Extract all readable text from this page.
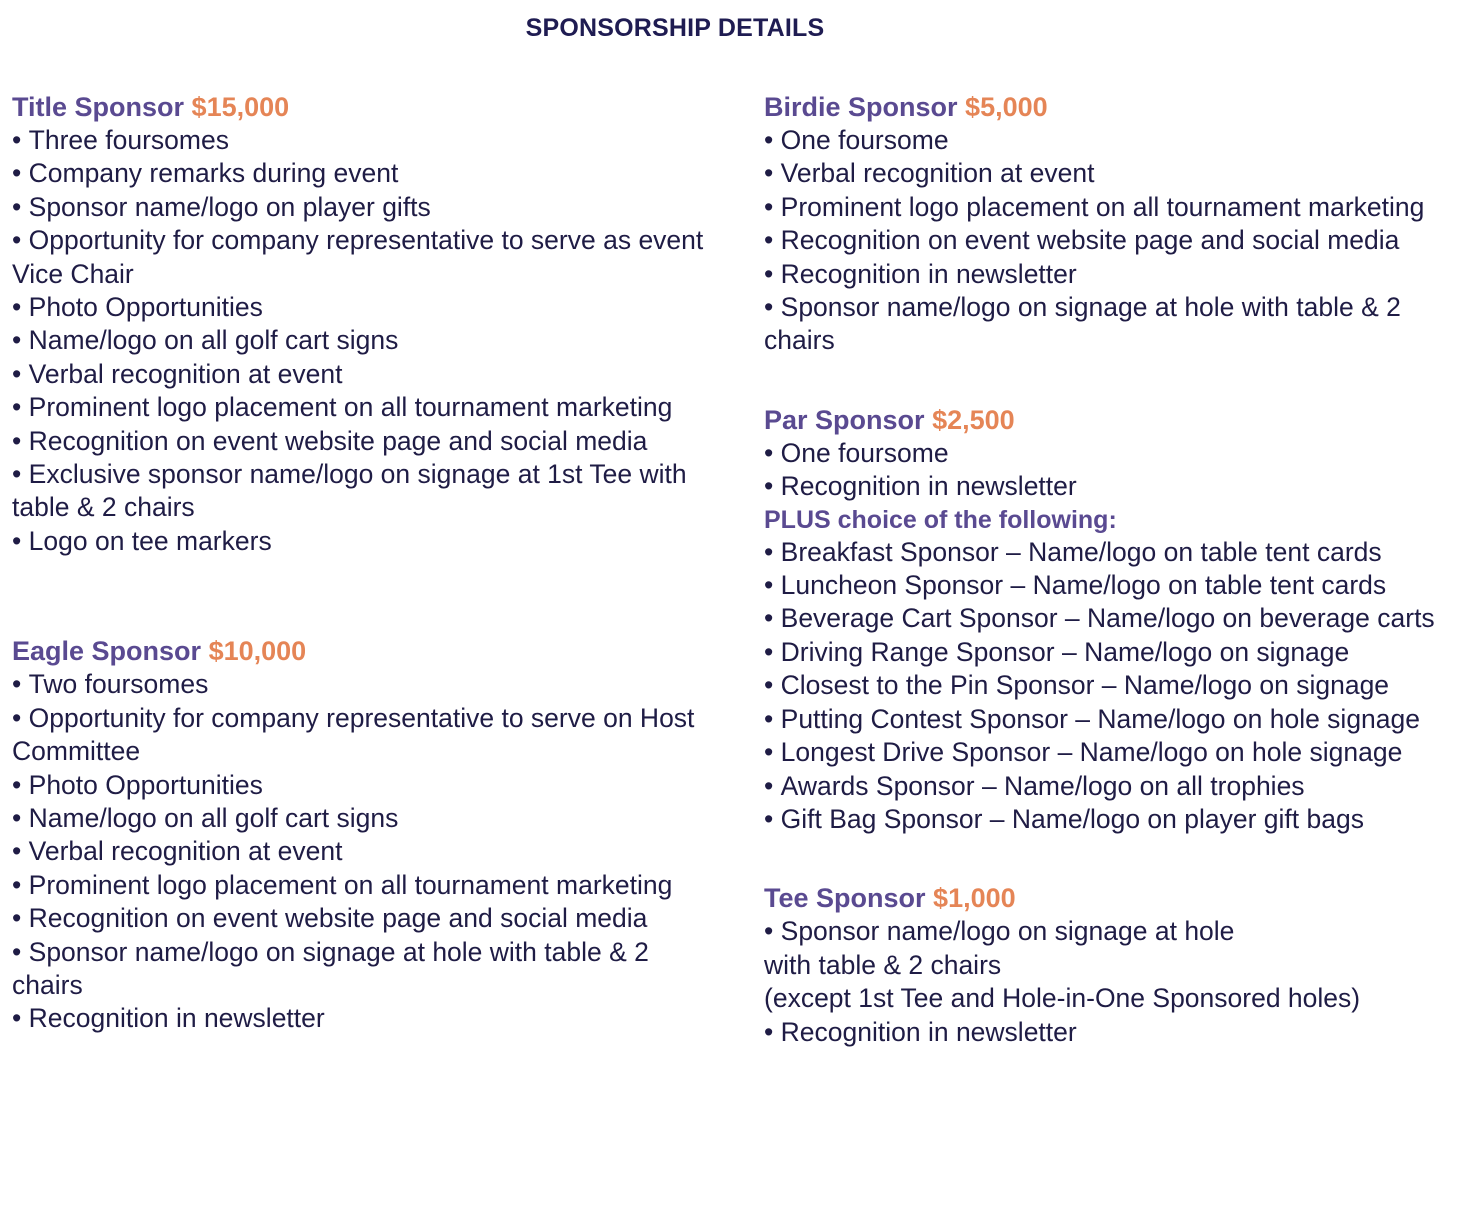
SPONSORSHIP DETAILS
Title Sponsor $15,000
• Three foursomes
• Company remarks during event
• Sponsor name/logo on player gifts
• Opportunity for company representative to serve as event Vice Chair
• Photo Opportunities
• Name/logo on all golf cart signs
• Verbal recognition at event
• Prominent logo placement on all tournament marketing
• Recognition on event website page and social media
• Exclusive sponsor name/logo on signage at 1st Tee with table & 2 chairs
• Logo on tee markers
Eagle Sponsor $10,000
• Two foursomes
• Opportunity for company representative to serve on Host Committee
• Photo Opportunities
• Name/logo on all golf cart signs
• Verbal recognition at event
• Prominent logo placement on all tournament marketing
• Recognition on event website page and social media
• Sponsor name/logo on signage at hole with table & 2 chairs
• Recognition in newsletter
Birdie Sponsor $5,000
• One foursome
• Verbal recognition at event
• Prominent logo placement on all tournament marketing
• Recognition on event website page and social media
• Recognition in newsletter
• Sponsor name/logo on signage at hole with table & 2 chairs
Par Sponsor $2,500
• One foursome
• Recognition in newsletter
PLUS choice of the following:
• Breakfast Sponsor – Name/logo on table tent cards
• Luncheon Sponsor – Name/logo on table tent cards
• Beverage Cart Sponsor – Name/logo on beverage carts
• Driving Range Sponsor – Name/logo on signage
• Closest to the Pin Sponsor – Name/logo on signage
• Putting Contest Sponsor – Name/logo on hole signage
• Longest Drive Sponsor – Name/logo on hole signage
• Awards Sponsor – Name/logo on all trophies
• Gift Bag Sponsor – Name/logo on player gift bags
Tee Sponsor $1,000
• Sponsor name/logo on signage at hole
with table & 2 chairs
(except 1st Tee and Hole-in-One Sponsored holes)
• Recognition in newsletter
